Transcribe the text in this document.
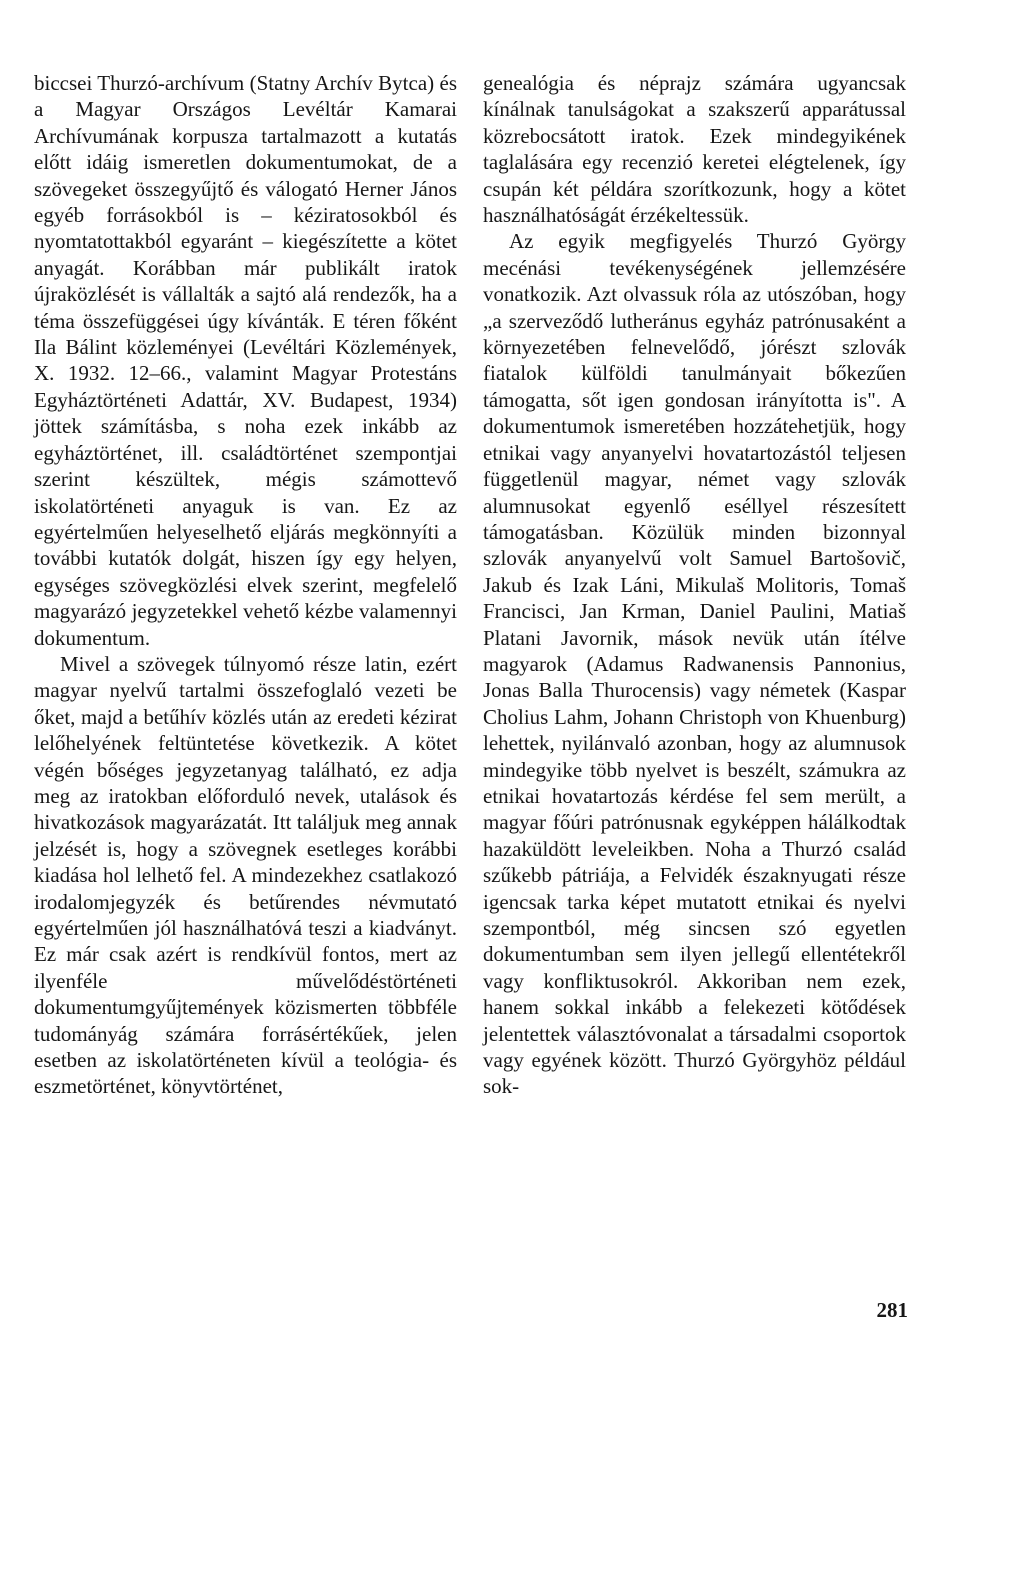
biccsei Thurzó-archívum (Statny Archív Bytca) és a Magyar Országos Levéltár Kamarai Archívumának korpusza tartalmazott a kutatás előtt idáig ismeretlen dokumentumokat, de a szövegeket összegyűjtő és válogató Herner János egyéb forrásokból is – kéziratosokból és nyomtatottakból egyaránt – kiegészítette a kötet anyagát. Korábban már publikált iratok újraközlését is vállalták a sajtó alá rendezők, ha a téma összefüggései úgy kívánták. E téren főként Ila Bálint közleményei (Levéltári Közlemények, X. 1932. 12–66., valamint Magyar Protestáns Egyháztörténeti Adattár, XV. Budapest, 1934) jöttek számításba, s noha ezek inkább az egyháztörténet, ill. családtörténet szempontjai szerint készültek, mégis számottevő iskolatörténeti anyaguk is van. Ez az egyértelműen helyeselhető eljárás megkönnyíti a további kutatók dolgát, hiszen így egy helyen, egységes szövegközlési elvek szerint, megfelelő magyarázó jegyzetekkel vehető kézbe valamennyi dokumentum.

Mivel a szövegek túlnyomó része latin, ezért magyar nyelvű tartalmi összefoglaló vezeti be őket, majd a betűhív közlés után az eredeti kézirat lelőhelyének feltüntetése következik. A kötet végén bőséges jegyzetanyag található, ez adja meg az iratokban előforduló nevek, utalások és hivatkozások magyarázatát. Itt találjuk meg annak jelzését is, hogy a szövegnek esetleges korábbi kiadása hol lelhető fel. A mindezekhez csatlakozó irodalomjegyzék és betűrendes névmutató egyértelműen jól használhatóvá teszi a kiadványt. Ez már csak azért is rendkívül fontos, mert az ilyenféle művelődéstörténeti dokumentumgyűjtemények közismerten többféle tudományág számára forrásértékűek, jelen esetben az iskolatörténeten kívül a teológia- és eszmetörténet, könyvtörténet,

genealógia és néprajz számára ugyancsak kínálnak tanulságokat a szakszerű apparátussal közrebocsátott iratok. Ezek mindegyikének taglalására egy recenzió keretei elégtelenek, így csupán két példára szorítkozunk, hogy a kötet használhatóságát érzékeltessük.

Az egyik megfigyelés Thurzó György mecénási tevékenységének jellemzésére vonatkozik. Azt olvassuk róla az utószóban, hogy „a szerveződő lutheránus egyház patrónusaként a környezetében felnevelődő, jórészt szlovák fiatalok külföldi tanulmányait bőkezűen támogatta, sőt igen gondosan irányította is". A dokumentumok ismeretében hozzátehetjük, hogy etnikai vagy anyanyelvi hovatartozástól teljesen függetlenül magyar, német vagy szlovák alumnusokat egyenlő eséllyel részesített támogatásban. Közülük minden bizonnyal szlovák anyanyelvű volt Samuel Bartošovič, Jakub és Izak Láni, Mikulaš Molitoris, Tomaš Francisci, Jan Krman, Daniel Paulini, Matiaš Platani Javornik, mások nevük után ítélve magyarok (Adamus Radwanensis Pannonius, Jonas Balla Thurocensis) vagy németek (Kaspar Cholius Lahm, Johann Christoph von Khuenburg) lehettek, nyilánvaló azonban, hogy az alumnusok mindegyike több nyelvet is beszélt, számukra az etnikai hovatartozás kérdése fel sem merült, a magyar főúri patrónusnak egyképpen hálálkodtak hazaküldött leveleikben. Noha a Thurzó család szűkebb pátriája, a Felvidék északnyugati része igencsak tarka képet mutatott etnikai és nyelvi szempontból, még sincsen szó egyetlen dokumentumban sem ilyen jellegű ellentétekről vagy konfliktusokról. Akkoriban nem ezek, hanem sokkal inkább a felekezeti kötődések jelentettek választóvonalat a társadalmi csoportok vagy egyének között. Thurzó Györgyhöz például sok-

281
